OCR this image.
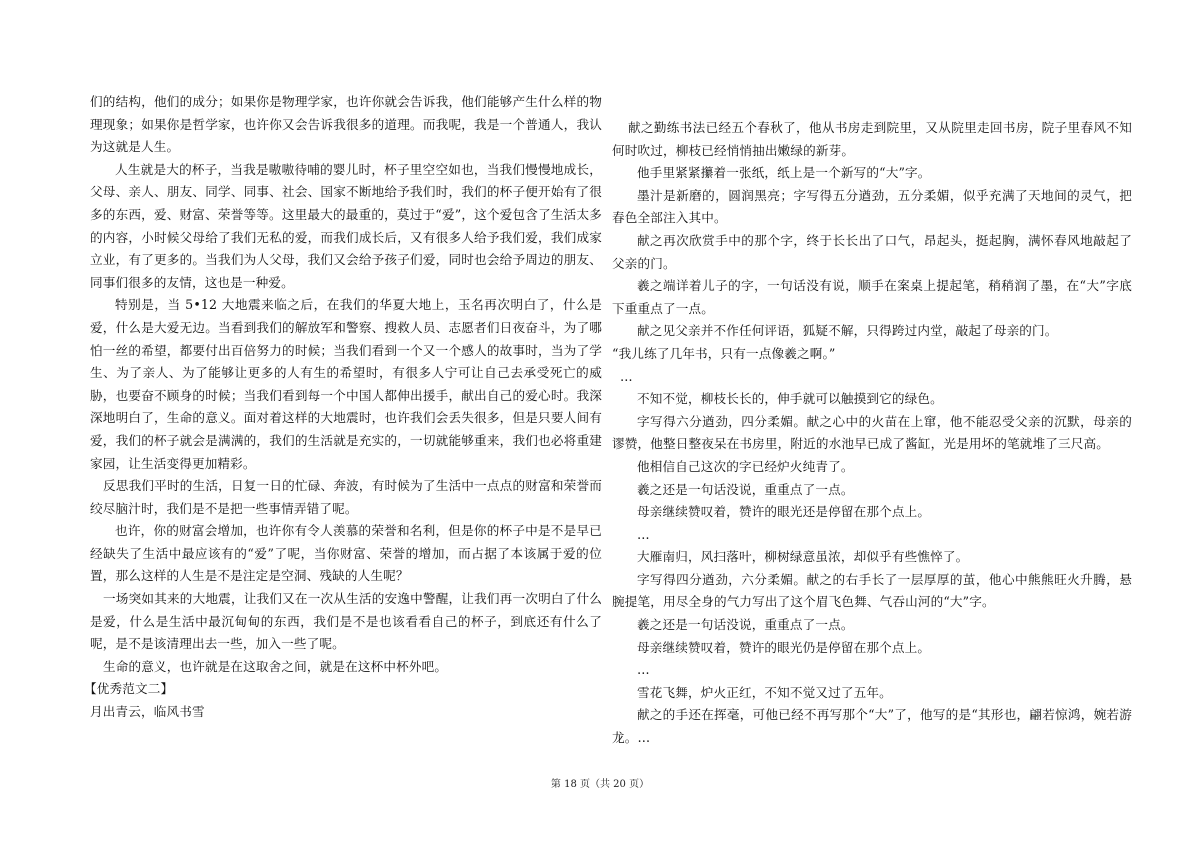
们的结构，他们的成分；如果你是物理学家，也许你就会告诉我，他们能够产生什么样的物理现象；如果你是哲学家，也许你又会告诉我很多的道理。而我呢，我是一个普通人，我认为这就是人生。

人生就是大的杯子，当我是嗷嗷待哺的婴儿时，杯子里空空如也，当我们慢慢地成长，父母、亲人、朋友、同学、同事、社会、国家不断地给予我们时，我们的杯子便开始有了很多的东西，爱、财富、荣誉等等。这里最大的最重的，莫过于“爱”，这个爱包含了生活太多的内容，小时候父母给了我们无私的爱，而我们成长后，又有很多人给予我们爱，我们成家立业，有了更多的。当我们为人父母，我们又会给予孩子们爱，同时也会给予周边的朋友、同事们很多的友情，这也是一种爱。

特别是，当 5•12 大地震来临之后，在我们的华夏大地上，玉名再次明白了，什么是爱，什么是大爱无边。当看到我们的解放军和警察、搜救人员、志愿者们日夜奋斗，为了哪怕一丝的希望，都要付出百倍努力的时候；当我们看到一个又一个感人的故事时，当为了学生、为了亲人、为了能够让更多的人有生的希望时，有很多人宁可让自己去承受死亡的威胁，也要奋不顾身的时候；当我们看到每一个中国人都伸出援手，献出自己的爱心时。我深深地明白了，生命的意义。面对着这样的大地震时，也许我们会丢失很多，但是只要人间有爱，我们的杯子就会是满满的，我们的生活就是充实的，一切就能够重来，我们也必将重建家园，让生活变得更加精彩。

反思我们平时的生活，日复一日的忙碌、奔波，有时候为了生活中一点点的财富和荣誉而绞尽脑汁时，我们是不是把一些事情弄错了呢。

也许，你的财富会增加，也许你有令人羡慕的荣誉和名利，但是你的杯子中是不是早已经缺失了生活中最应该有的“爱”了呢，当你财富、荣誉的增加，而占据了本该属于爱的位置，那么这样的人生是不是注定是空洞、残缺的人生呢？

一场突如其来的大地震，让我们又在一次从生活的安逸中警醒，让我们再一次明白了什么是爱，什么是生活中最沉甸甸的东西，我们是不是也该看看自己的杯子，到底还有什么了呢，是不是该清理出去一些，加入一些了呢。

生命的意义，也许就是在这取舍之间，就是在这杯中杯外吧。

【优秀范文二】

月出青云，临风书雪

献之勤练书法已经五个春秋了，他从书房走到院里，又从院里走回书房，院子里春风不知何时吹过，柳枝已经悄悄抽出嫩绿的新芽。

他手里紧紧攥着一张纸，纸上是一个新写的“大”字。

墨汁是新磨的，圆润黑亮；字写得五分遒劲，五分柔媚，似乎充满了天地间的灵气，把春色全部注入其中。

献之再次欣赏手中的那个字，终于长长出了口气，昂起头，挺起胸，满怀春风地敲起了父亲的门。

羲之端详着儿子的字，一句话没有说，顺手在案桌上提起笔，稍稍润了墨，在“大”字底下重重点了一点。

献之见父亲并不作任何评语，狐疑不解，只得跨过内堂，敲起了母亲的门。

“我儿练了几年书，只有一点像羲之啊。”

…

不知不觉，柳枝长长的，伸手就可以触摸到它的绿色。

字写得六分遒劲，四分柔媚。献之心中的火苗在上窜，他不能忍受父亲的沉默，母亲的谬赞，他整日整夜呆在书房里，附近的水池早已成了酱缸，光是用坏的笔就堆了三尺高。

他相信自己这次的字已经炉火纯青了。

羲之还是一句话没说，重重点了一点。

母亲继续赞叹着，赞许的眼光还是停留在那个点上。

…

大雁南归，风扫落叶，柳树绿意虽浓，却似乎有些憔悴了。

字写得四分遒劲，六分柔媚。献之的右手长了一层厚厚的茧，他心中熊熊旺火升腾，悬腕提笔，用尽全身的气力写出了这个眉飞色舞、气吞山河的“大”字。

羲之还是一句话没说，重重点了一点。

母亲继续赞叹着，赞许的眼光仍是停留在那个点上。

…

雪花飞舞，炉火正红，不知不觉又过了五年。

献之的手还在挥毫，可他已经不再写那个“大”了，他写的是“其形也，翩若惊鸿，婉若游龙。…

第 18 页（共 20 页）
